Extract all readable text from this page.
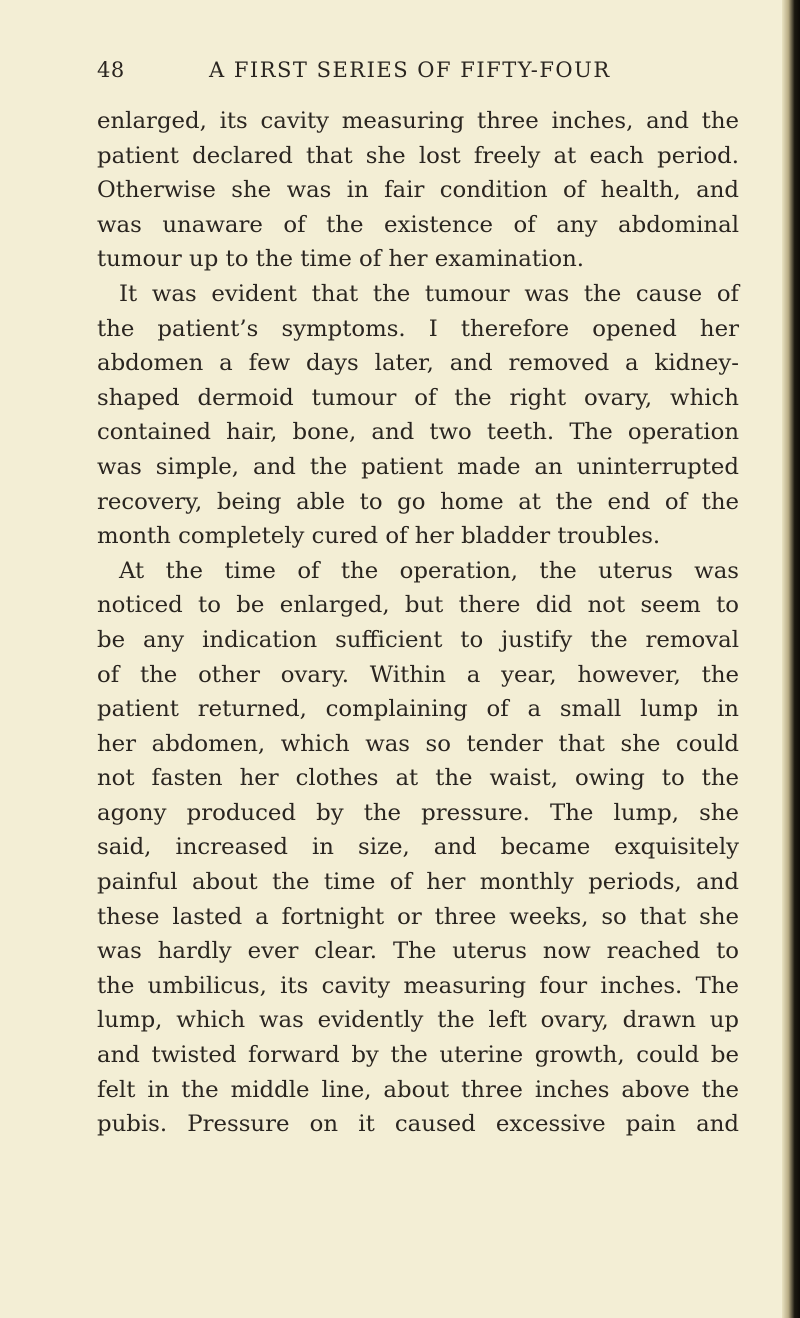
48	A FIRST SERIES OF FIFTY-FOUR
enlarged, its cavity measuring three inches, and the
patient declared that she lost freely at each period.
Otherwise she was in fair condition of health, and
was unaware of the existence of any abdominal
tumour up to the time of her examination.
It was evident that the tumour was the cause of
the patient’s symptoms. I therefore opened her
abdomen a few days later, and removed a kidney-
shaped dermoid tumour of the right ovary, which
contained hair, bone, and two teeth. The operation
was simple, and the patient made an uninterrupted
recovery, being able to go home at the end of the
month completely cured of her bladder troubles.
At the time of the operation, the uterus was
noticed to be enlarged, but there did not seem to
be any indication sufficient to justify the removal
of the other ovary. Within a year, however, the
patient returned, complaining of a small lump in
her abdomen, which was so tender that she could
not fasten her clothes at the waist, owing to the
agony produced by the pressure. The lump, she
said, increased in size, and became exquisitely
painful about the time of her monthly periods, and
these lasted a fortnight or three weeks, so that she
was hardly ever clear. The uterus now reached to
the umbilicus, its cavity measuring four inches. The
lump, which was evidently the left ovary, drawn up
and twisted forward by the uterine growth, could be
felt in the middle line, about three inches above the
pubis. Pressure on it caused excessive pain and
